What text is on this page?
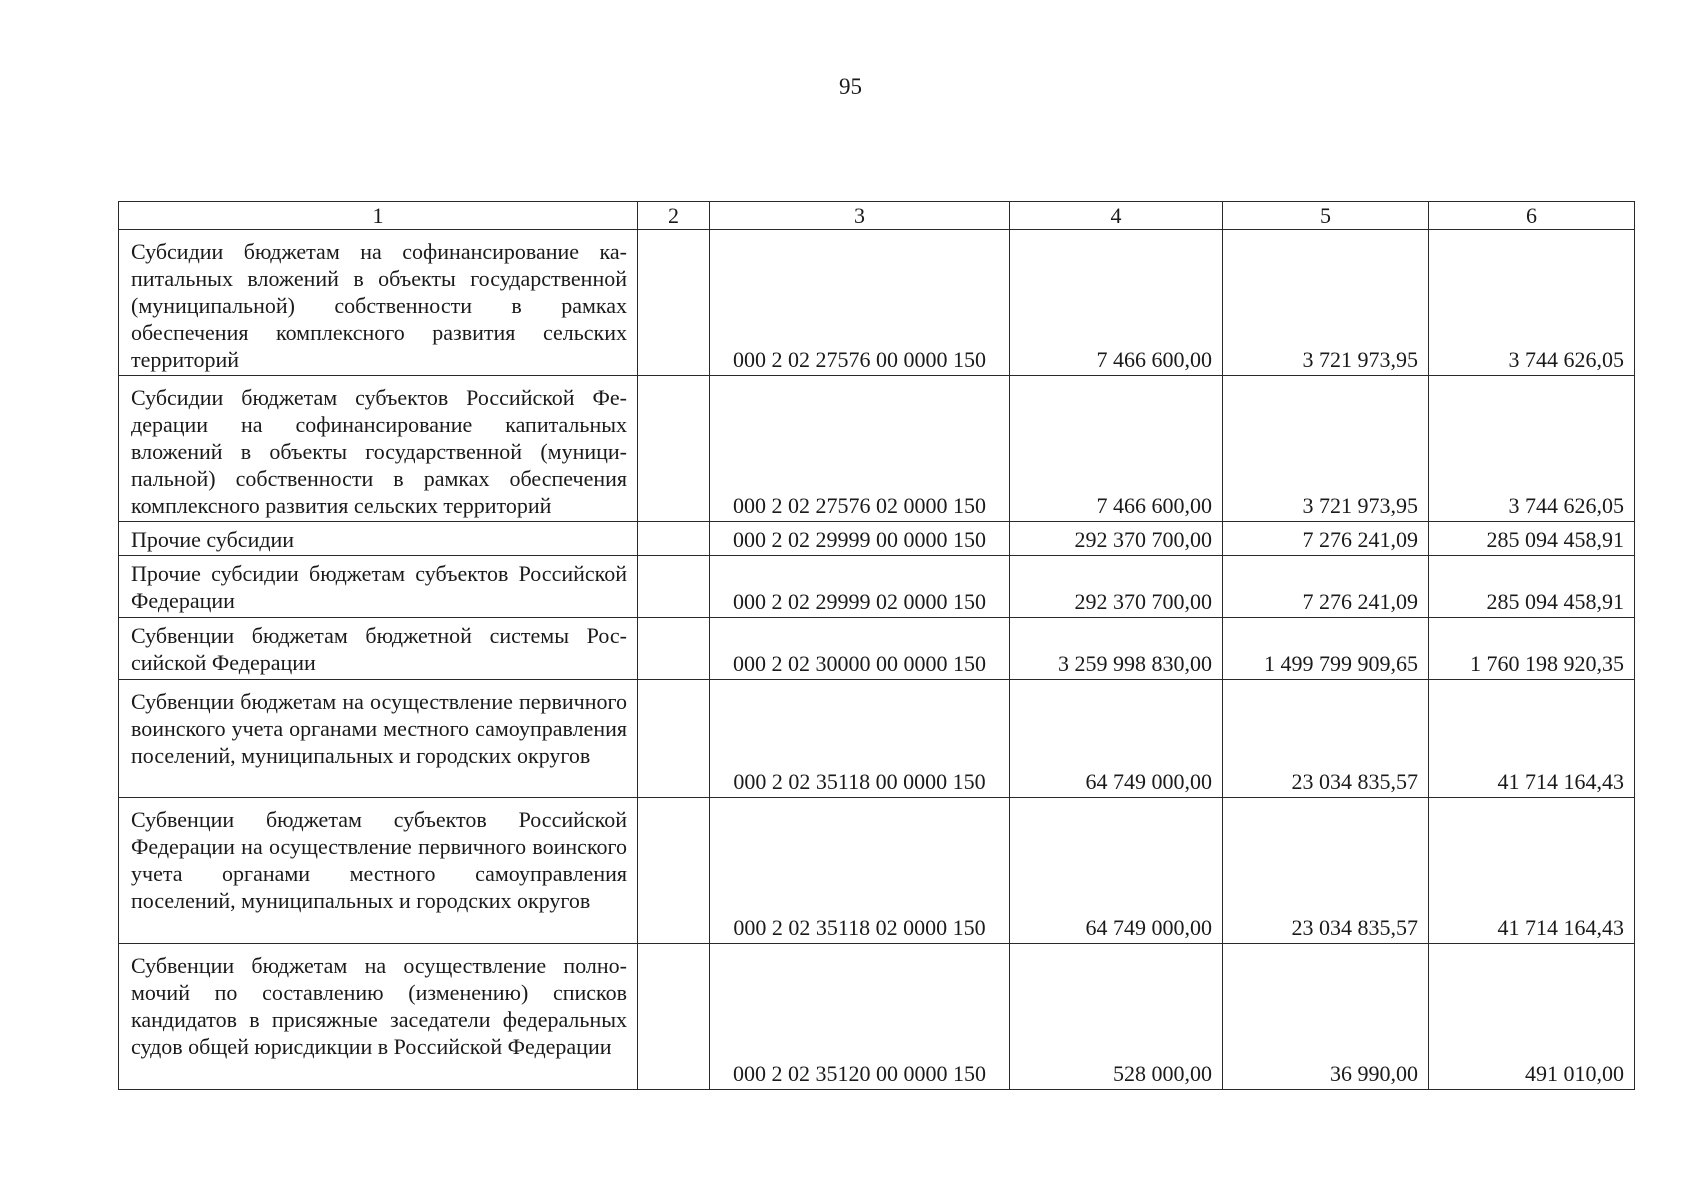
95
1	2	3	4	5	6
Субсидии бюджетам на софинансирование капитальных вложений в объекты государственной (муниципальной) собственности в рамках обеспечения комплексного развития сельских территорий		000 2 02 27576 00 0000 150	7 466 600,00	3 721 973,95	3 744 626,05
Субсидии бюджетам субъектов Российской Федерации на софинансирование капитальных вложений в объекты государственной (муниципальной) собственности в рамках обеспечения комплексного развития сельских территорий		000 2 02 27576 02 0000 150	7 466 600,00	3 721 973,95	3 744 626,05
Прочие субсидии		000 2 02 29999 00 0000 150	292 370 700,00	7 276 241,09	285 094 458,91
Прочие субсидии бюджетам субъектов Российской Федерации		000 2 02 29999 02 0000 150	292 370 700,00	7 276 241,09	285 094 458,91
Субвенции бюджетам бюджетной системы Российской Федерации		000 2 02 30000 00 0000 150	3 259 998 830,00	1 499 799 909,65	1 760 198 920,35
Субвенции бюджетам на осуществление первичного воинского учета органами местного самоуправления поселений, муниципальных и городских округов		000 2 02 35118 00 0000 150	64 749 000,00	23 034 835,57	41 714 164,43
Субвенции бюджетам субъектов Российской Федерации на осуществление первичного воинского учета органами местного самоуправления поселений, муниципальных и городских округов		000 2 02 35118 02 0000 150	64 749 000,00	23 034 835,57	41 714 164,43
Субвенции бюджетам на осуществление полномочий по составлению (изменению) списков кандидатов в присяжные заседатели федеральных судов общей юрисдикции в Российской Федерации		000 2 02 35120 00 0000 150	528 000,00	36 990,00	491 010,00
